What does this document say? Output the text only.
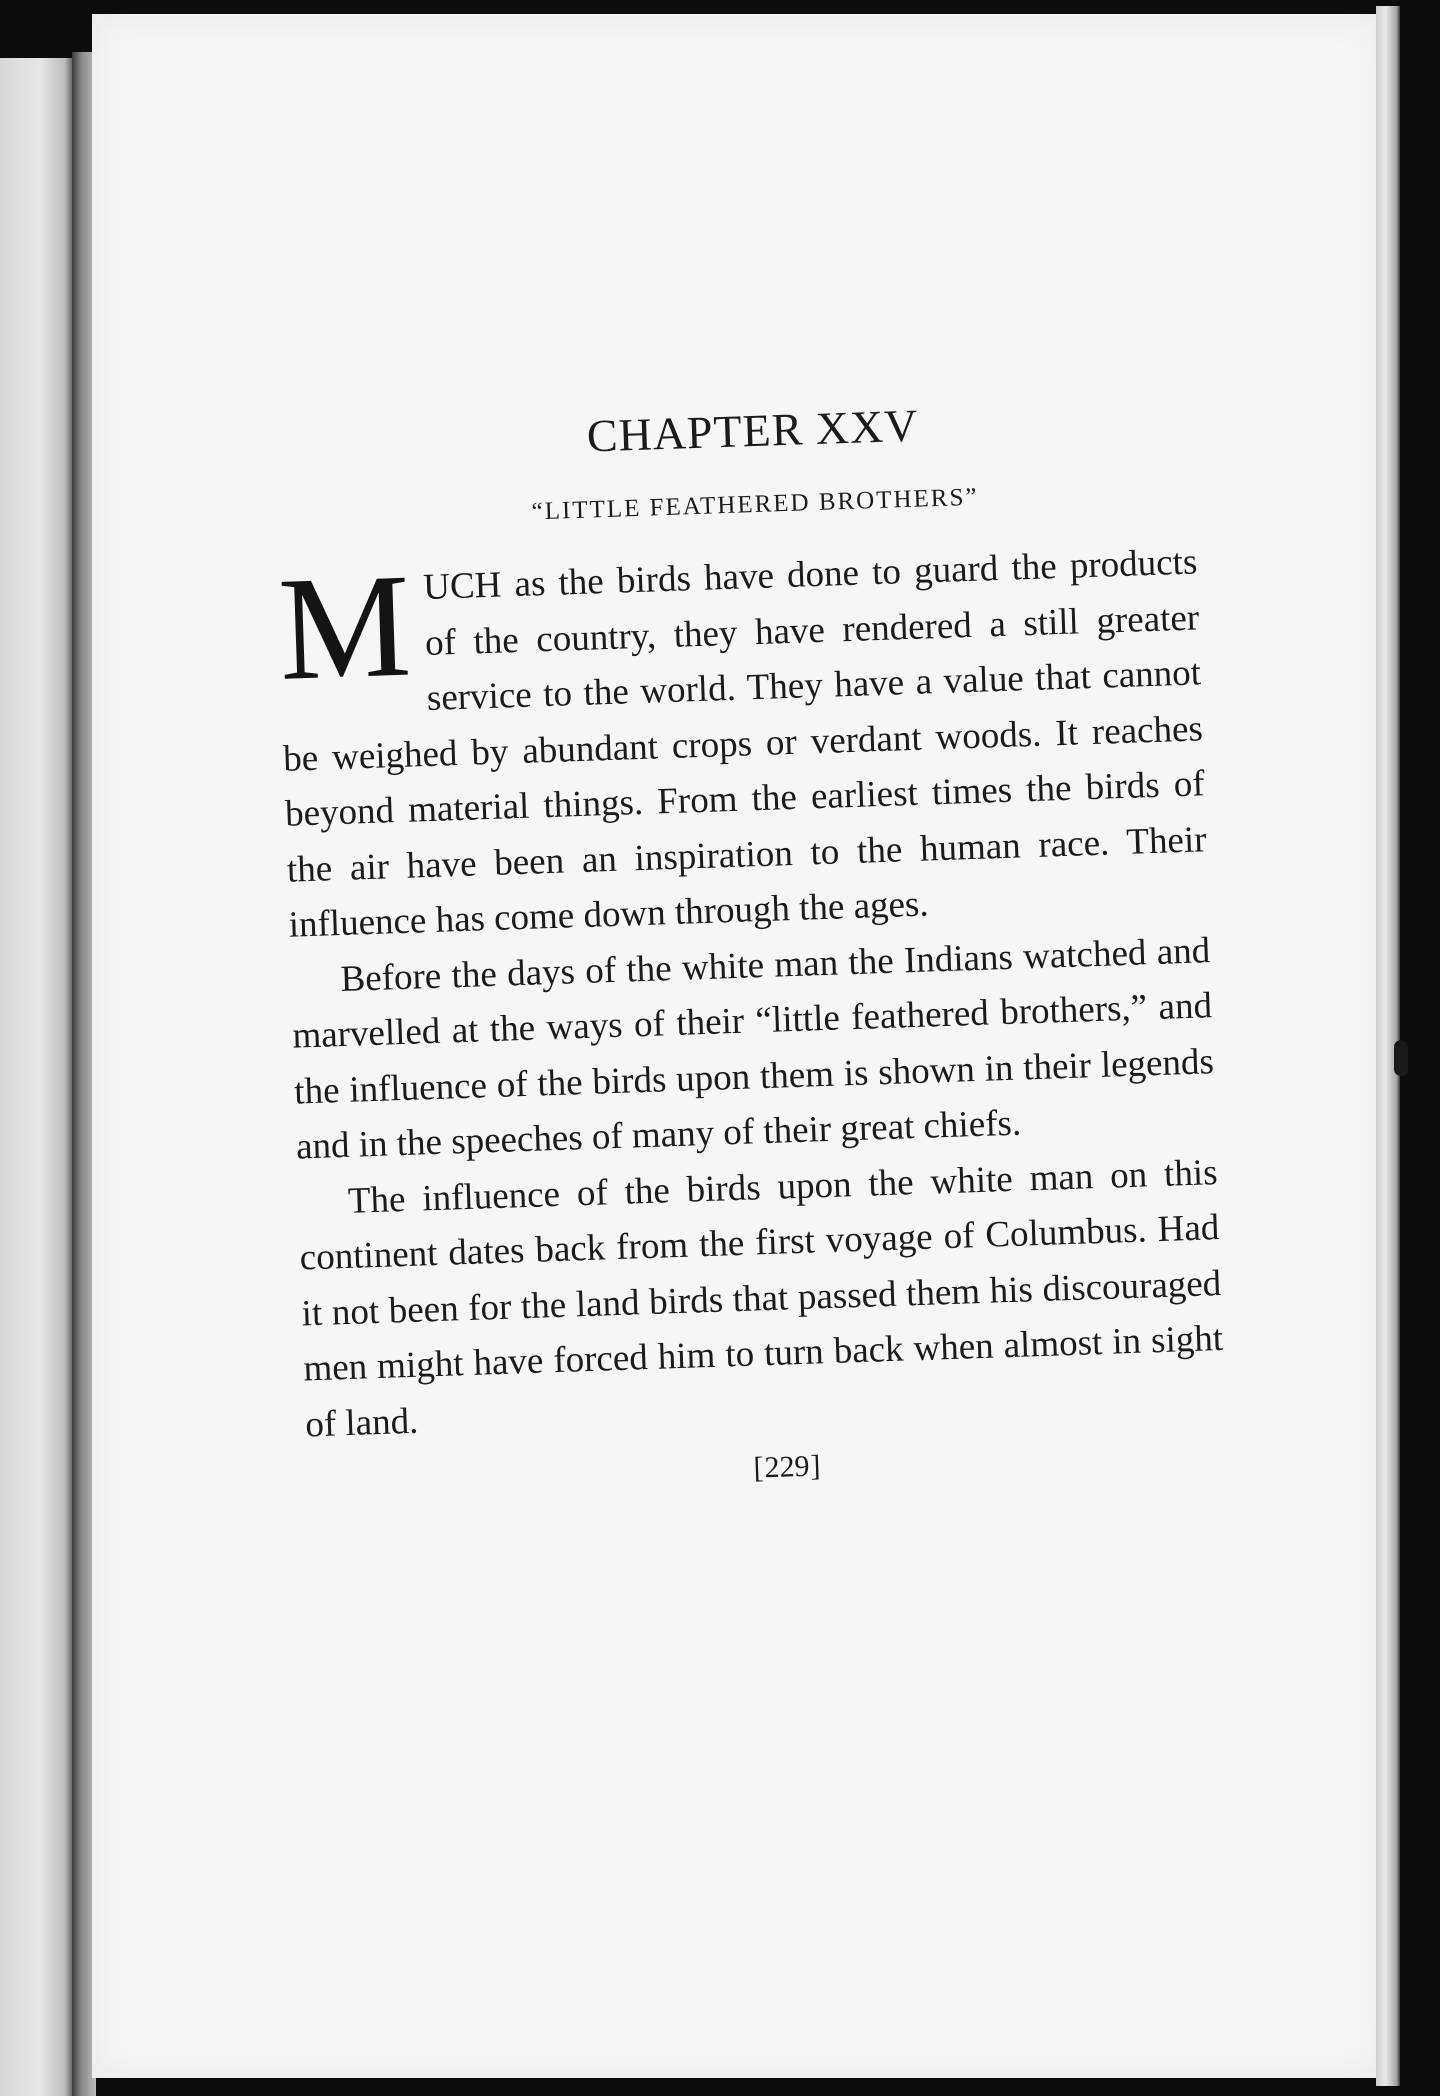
CHAPTER XXV
“LITTLE FEATHERED BROTHERS”

M UCH as the birds have done to guard the products of the country, they have rendered a still greater service to the world. They have a value that cannot be weighed by abundant crops or verdant woods. It reaches beyond material things. From the earliest times the birds of the air have been an inspiration to the human race. Their influence has come down through the ages.

Before the days of the white man the Indians watched and marvelled at the ways of their “little feathered brothers,” and the influence of the birds upon them is shown in their legends and in the speeches of many of their great chiefs.

The influence of the birds upon the white man on this continent dates back from the first voyage of Columbus. Had it not been for the land birds that passed them his discouraged men might have forced him to turn back when almost in sight of land.

[229]
